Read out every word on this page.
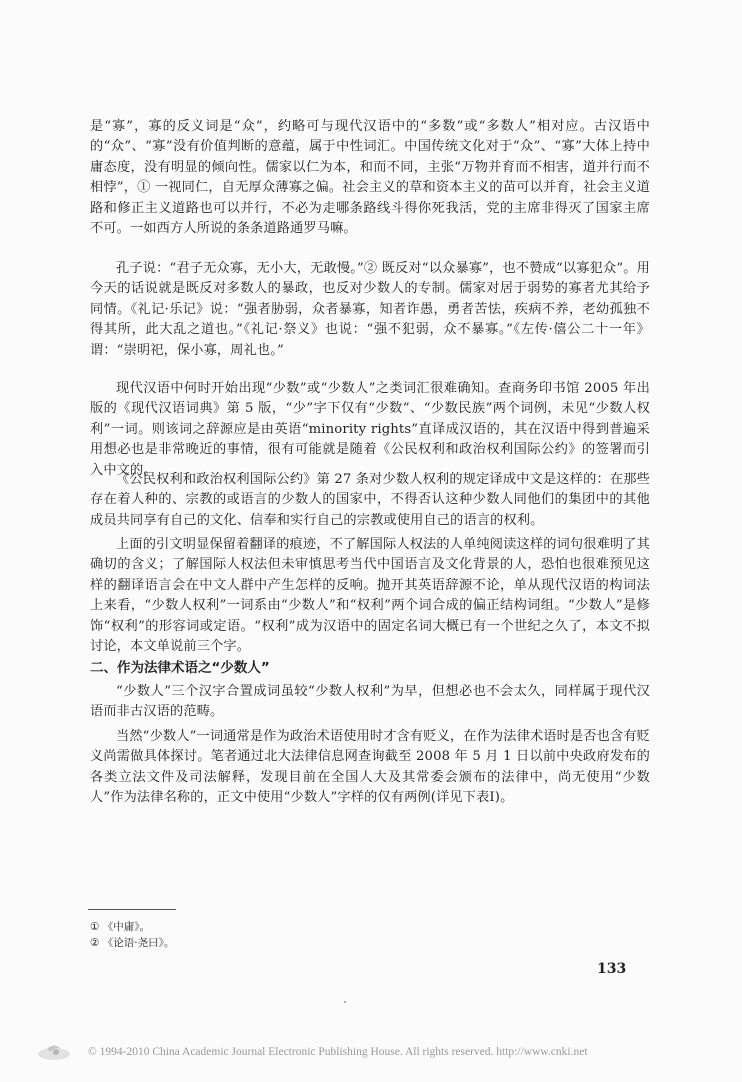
是“寡”，寡的反义词是“众”，约略可与现代汉语中的“多数”或“多数人”相对应。古汉语中的“众”、“寡”没有价值判断的意蕴，属于中性词汇。中国传统文化对于“众”、“寡”大体上持中庸态度，没有明显的倾向性。儒家以仁为本，和而不同，主张“万物并育而不相害，道并行而不相悖”，① 一视同仁，自无厚众薄寡之偏。社会主义的草和资本主义的苗可以并育，社会主义道路和修正主义道路也可以并行，不必为走哪条路线斗得你死我活，党的主席非得灭了国家主席不可。一如西方人所说的条条道路通罗马嘛。

孔子说：“君子无众寡，无小大，无敢慢。”② 既反对“以众暴寡”，也不赞成“以寡犯众”。用今天的话说就是既反对多数人的暴政，也反对少数人的专制。儒家对居于弱势的寡者尤其给予同情。《礼记·乐记》说：“强者胁弱，众者暴寡，知者诈愚，勇者苦怯，疾病不养，老幼孤独不得其所，此大乱之道也。”《礼记·祭义》也说：“强不犯弱，众不暴寡。”《左传·僖公二十一年》谓：“崇明祀，保小寡，周礼也。”

现代汉语中何时开始出现“少数”或“少数人”之类词汇很难确知。查商务印书馆 2005 年出版的《现代汉语词典》第 5 版，“少”字下仅有“少数”、“少数民族”两个词例，未见“少数人权利”一词。则该词之辞源应是由英语“minority rights”直译成汉语的，其在汉语中得到普遍采用想必也是非常晚近的事情，很有可能就是随着《公民权利和政治权利国际公约》的签署而引入中文的。

《公民权利和政治权利国际公约》第 27 条对少数人权利的规定译成中文是这样的：在那些存在着人种的、宗教的或语言的少数人的国家中，不得否认这种少数人同他们的集团中的其他成员共同享有自己的文化、信奉和实行自己的宗教或使用自己的语言的权利。

上面的引文明显保留着翻译的痕迹，不了解国际人权法的人单纯阅读这样的词句很难明了其确切的含义；了解国际人权法但未审慎思考当代中国语言及文化背景的人，恐怕也很难预见这样的翻译语言会在中文人群中产生怎样的反响。抛开其英语辞源不论，单从现代汉语的构词法上来看，“少数人权利”一词系由“少数人”和“权利”两个词合成的偏正结构词组。“少数人”是修饰“权利”的形容词或定语。“权利”成为汉语中的固定名词大概已有一个世纪之久了，本文不拟讨论，本文单说前三个字。

二、作为法律术语之“少数人”

“少数人”三个汉字合置成词虽较“少数人权利”为早，但想必也不会太久，同样属于现代汉语而非古汉语的范畴。

当然“少数人”一词通常是作为政治术语使用时才含有贬义，在作为法律术语时是否也含有贬义尚需做具体探讨。笔者通过北大法律信息网查询截至 2008 年 5 月 1 日以前中央政府发布的各类立法文件及司法解释，发现目前在全国人大及其常委会颁布的法律中，尚无使用“少数人”作为法律名称的，正文中使用“少数人”字样的仅有两例(详见下表Ⅰ)。

① 《中庸》。
② 《论语·尧曰》。
133
© 1994-2010 China Academic Journal Electronic Publishing House. All rights reserved. http://www.cnki.net
